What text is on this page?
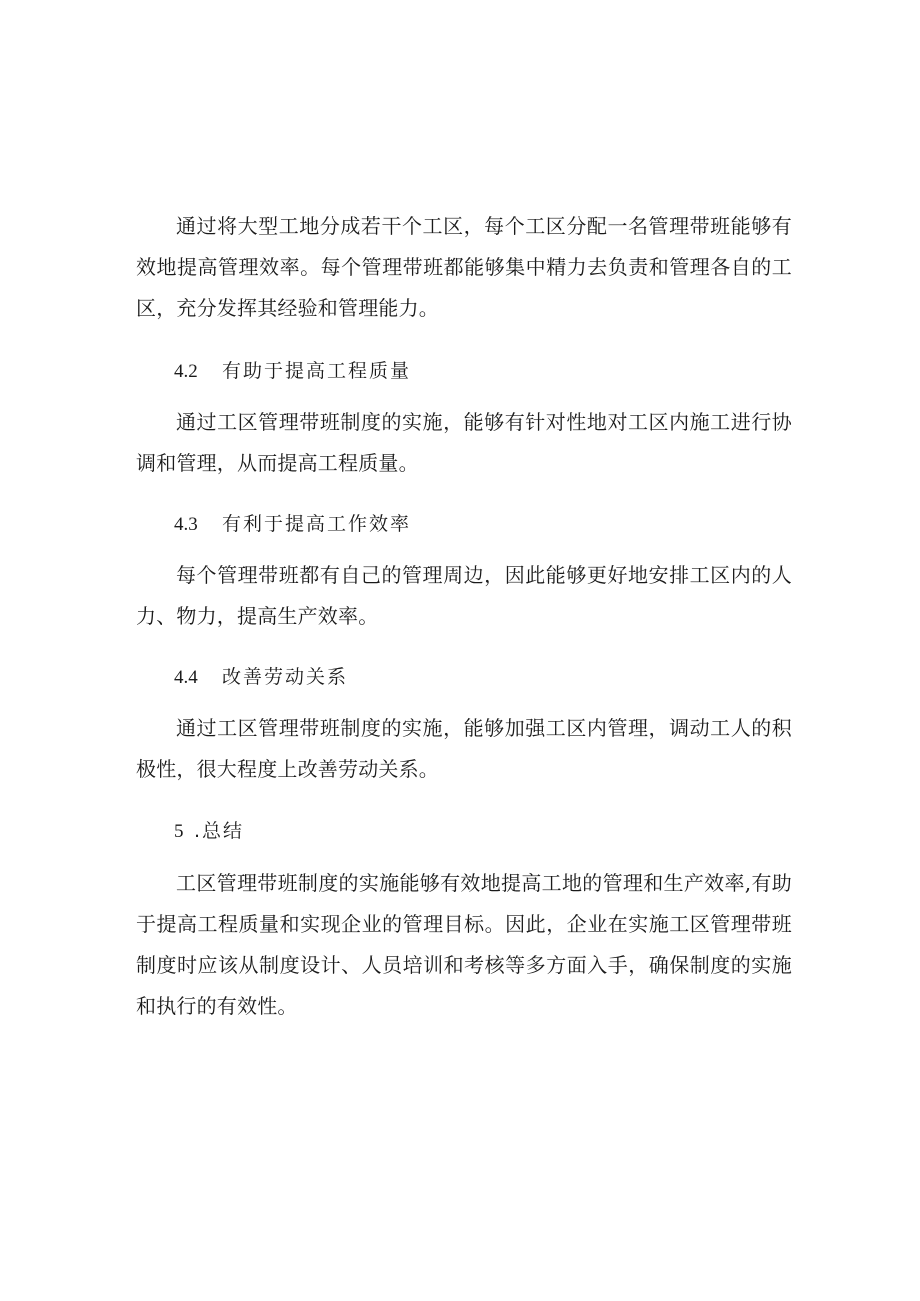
通过将大型工地分成若干个工区，每个工区分配一名管理带班能够有效地提高管理效率。每个管理带班都能够集中精力去负责和管理各自的工区，充分发挥其经验和管理能力。

4.2 有助于提高工程质量

通过工区管理带班制度的实施，能够有针对性地对工区内施工进行协调和管理，从而提高工程质量。

4.3 有利于提高工作效率

每个管理带班都有自己的管理周边，因此能够更好地安排工区内的人力、物力，提高生产效率。

4.4 改善劳动关系

通过工区管理带班制度的实施，能够加强工区内管理，调动工人的积极性，很大程度上改善劳动关系。

5 .总结

工区管理带班制度的实施能够有效地提高工地的管理和生产效率,有助于提高工程质量和实现企业的管理目标。因此，企业在实施工区管理带班制度时应该从制度设计、人员培训和考核等多方面入手，确保制度的实施和执行的有效性。
